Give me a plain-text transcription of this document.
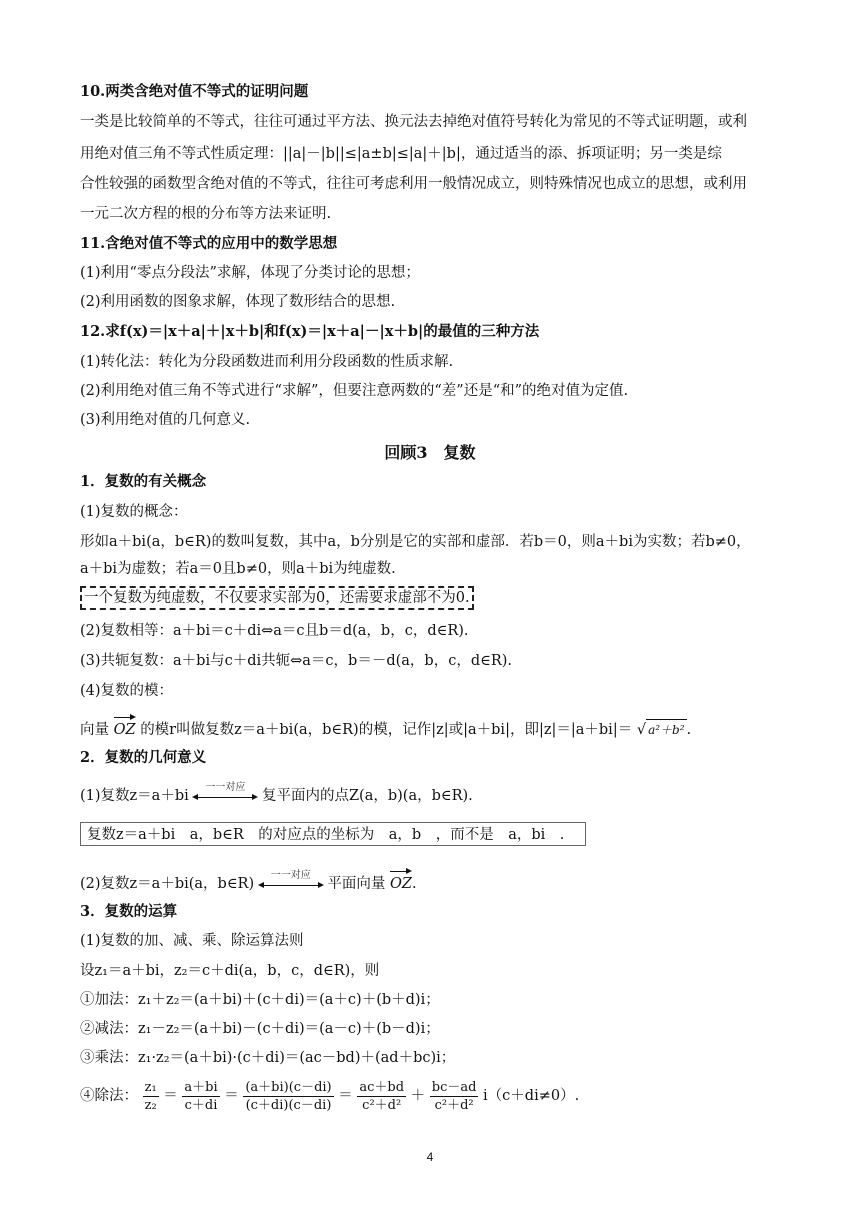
10.两类含绝对值不等式的证明问题
一类是比较简单的不等式，往往可通过平方法、换元法去掉绝对值符号转化为常见的不等式证明题，或利
用绝对值三角不等式性质定理：||a|－|b||≤|a±b|≤|a|＋|b|，通过适当的添、拆项证明；另一类是综
合性较强的函数型含绝对值的不等式，往往可考虑利用一般情况成立，则特殊情况也成立的思想，或利用
一元二次方程的根的分布等方法来证明.
11.含绝对值不等式的应用中的数学思想
(1)利用“零点分段法”求解，体现了分类讨论的思想；
(2)利用函数的图象求解，体现了数形结合的思想.
12.求f(x)＝|x＋a|＋|x＋b|和f(x)＝|x＋a|－|x＋b|的最值的三种方法
(1)转化法：转化为分段函数进而利用分段函数的性质求解.
(2)利用绝对值三角不等式进行“求解”，但要注意两数的“差”还是“和”的绝对值为定值.
(3)利用绝对值的几何意义.
回顾3　复数
1．复数的有关概念
(1)复数的概念：
形如a＋bi(a，b∈R)的数叫复数，其中a，b分别是它的实部和虚部．若b＝0，则a＋bi为实数；若b≠0，
a＋bi为虚数；若a＝0且b≠0，则a＋bi为纯虚数.
一个复数为纯虚数，不仅要求实部为0，还需要求虚部不为0.
(2)复数相等：a＋bi＝c＋di⇔a＝c且b＝d(a，b，c，d∈R).
(3)共轭复数：a＋bi与c＋di共轭⇔a＝c，b＝－d(a，b，c，d∈R).
(4)复数的模：
向量 OZ 的模r叫做复数z＝a＋bi(a，b∈R)的模，记作|z|或|a＋bi|，即|z|＝|a＋bi|＝ √ a²＋b² .
2．复数的几何意义
(1)复数z＝a＋bi
一一对应
复平面内的点Z(a，b)(a，b∈R).
复数z＝a＋bi　a，b∈R　的对应点的坐标为　a，b　，而不是　a，bi　.
(2)复数z＝a＋bi(a，b∈R)
一一对应
平面向量 OZ.
3．复数的运算
(1)复数的加、减、乘、除运算法则
设z₁＝a＋bi，z₂＝c＋di(a，b，c，d∈R)，则
①加法：z₁＋z₂＝(a＋bi)＋(c＋di)＝(a＋c)＋(b＋d)i；
②减法：z₁－z₂＝(a＋bi)－(c＋di)＝(a－c)＋(b－d)i；
③乘法：z₁·z₂＝(a＋bi)·(c＋di)＝(ac－bd)＋(ad＋bc)i；
④除法： $\frac{\text{z₁}}{\text{z₂}} = \frac{a+bi}{c+di} = \frac{(a+bi)(c-di)}{(c+di)(c-di)} = \frac{ac+bd}{\text{c²＋d²}} + \frac{bc-ad}{\text{c²＋d²}} i(c+di\ne 0)$.
4
